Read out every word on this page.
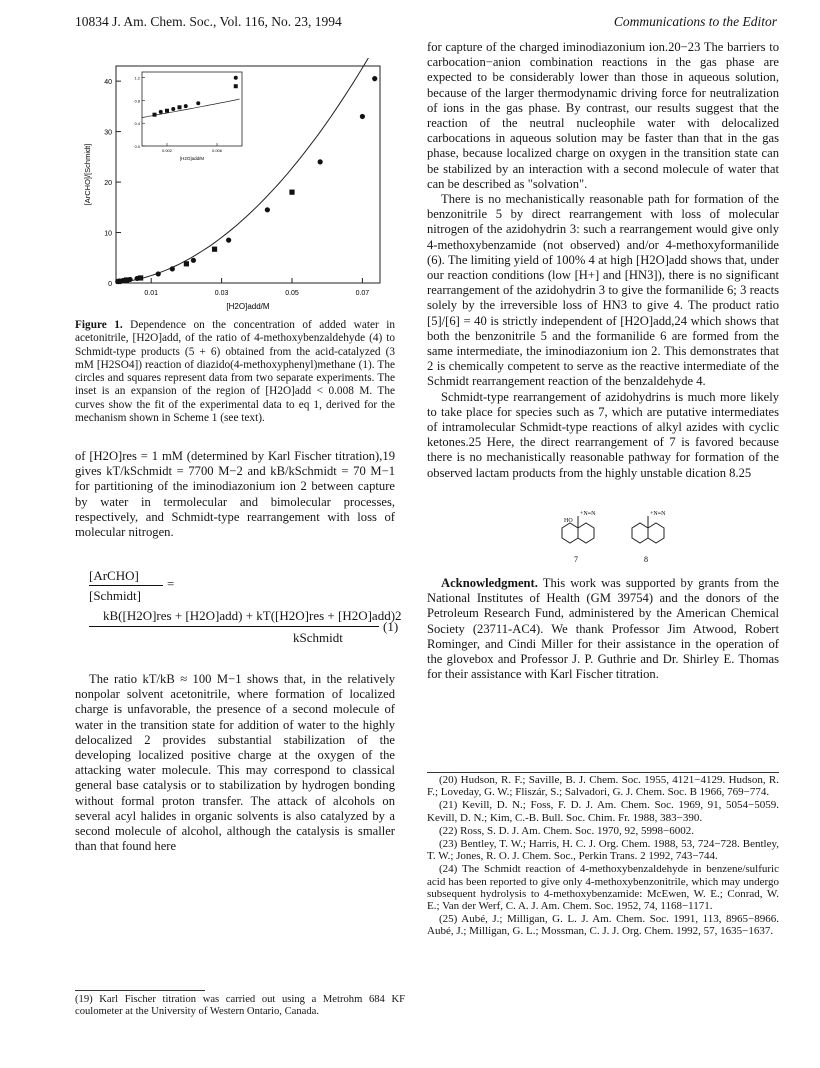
10834 J. Am. Chem. Soc., Vol. 116, No. 23, 1994	Communications to the Editor
0
10
20
30
40
0.01	0.03	0.05	0.07
[H2O]add/M
[ArCHO]/[Schmidt]
1.2
0.8
0.4
0.0
0.002	0.006
[H2O]add/M
Figure 1. Dependence on the concentration of added water in acetonitrile, [H2O]add, of the ratio of 4-methoxybenzaldehyde (4) to Schmidt-type products (5 + 6) obtained from the acid-catalyzed (3 mM [H2SO4]) reaction of diazido(4-methoxyphenyl)methane (1). The circles and squares represent data from two separate experiments. The inset is an expansion of the region of [H2O]add < 0.008 M. The curves show the fit of the experimental data to eq 1, derived for the mechanism shown in Scheme 1 (see text).

of [H2O]res = 1 mM (determined by Karl Fischer titration),19 gives kT/kSchmidt = 7700 M−2 and kB/kSchmidt = 70 M−1 for partitioning of the iminodiazonium ion 2 between capture by water in termolecular and bimolecular processes, respectively, and Schmidt-type rearrangement with loss of molecular nitrogen.

[ArCHO]
[Schmidt]
=
kB([H2O]res + [H2O]add) + kT([H2O]res + [H2O]add)2
kSchmidt
(1)

The ratio kT/kB ≈ 100 M−1 shows that, in the relatively nonpolar solvent acetonitrile, where formation of localized charge is unfavorable, the presence of a second molecule of water in the transition state for addition of water to the highly delocalized 2 provides substantial stabilization of the developing localized positive charge at the oxygen of the attacking water molecule. This may correspond to classical general base catalysis or to stabilization by hydrogen bonding without formal proton transfer. The attack of alcohols on several acyl halides in organic solvents is also catalyzed by a second molecule of alcohol, although the catalysis is smaller than that found here

(19) Karl Fischer titration was carried out using a Metrohm 684 KF coulometer at the University of Western Ontario, Canada.

for capture of the charged iminodiazonium ion.20−23 The barriers to carbocation−anion combination reactions in the gas phase are expected to be considerably lower than those in aqueous solution, because of the larger thermodynamic driving force for neutralization of ions in the gas phase. By contrast, our results suggest that the reaction of the neutral nucleophile water with delocalized carbocations in aqueous solution may be faster than that in the gas phase, because localized charge on oxygen in the transition state can be stabilized by an interaction with a second molecule of water that can be described as "solvation".

There is no mechanistically reasonable path for formation of the benzonitrile 5 by direct rearrangement with loss of molecular nitrogen of the azidohydrin 3: such a rearrangement would give only 4-methoxybenzamide (not observed) and/or 4-methoxyformanilide (6). The limiting yield of 100% 4 at high [H2O]add shows that, under our reaction conditions (low [H+] and [HN3]), there is no significant rearrangement of the azidohydrin 3 to give the formanilide 6; 3 reacts solely by the irreversible loss of HN3 to give 4. The product ratio [5]/[6] = 40 is strictly independent of [H2O]add,24 which shows that both the benzonitrile 5 and the formanilide 6 are formed from the same intermediate, the iminodiazonium ion 2. This demonstrates that 2 is chemically competent to serve as the reactive intermediate of the Schmidt rearrangement reaction of the benzaldehyde 4.

Schmidt-type rearrangement of azidohydrins is much more likely to take place for species such as 7, which are putative intermediates of intramolecular Schmidt-type reactions of alkyl azides with cyclic ketones.25 Here, the direct rearrangement of 7 is favored because there is no mechanistically reasonable pathway for formation of the observed lactam products from the highly unstable dication 8.25

HO
+N≡N	+N≡N
7	8

Acknowledgment. This work was supported by grants from the National Institutes of Health (GM 39754) and the donors of the Petroleum Research Fund, administered by the American Chemical Society (23711-AC4). We thank Professor Jim Atwood, Robert Rominger, and Cindi Miller for their assistance in the operation of the glovebox and Professor J. P. Guthrie and Dr. Shirley E. Thomas for their assistance with Karl Fischer titration.

(20) Hudson, R. F.; Saville, B. J. Chem. Soc. 1955, 4121−4129. Hudson, R. F.; Loveday, G. W.; Fliszár, S.; Salvadori, G. J. Chem. Soc. B 1966, 769−774.

(21) Kevill, D. N.; Foss, F. D. J. Am. Chem. Soc. 1969, 91, 5054−5059. Kevill, D. N.; Kim, C.-B. Bull. Soc. Chim. Fr. 1988, 383−390.

(22) Ross, S. D. J. Am. Chem. Soc. 1970, 92, 5998−6002.

(23) Bentley, T. W.; Harris, H. C. J. Org. Chem. 1988, 53, 724−728. Bentley, T. W.; Jones, R. O. J. Chem. Soc., Perkin Trans. 2 1992, 743−744.

(24) The Schmidt reaction of 4-methoxybenzaldehyde in benzene/sulfuric acid has been reported to give only 4-methoxybenzonitrile, which may undergo subsequent hydrolysis to 4-methoxybenzamide: McEwen, W. E.; Conrad, W. E.; Van der Werf, C. A. J. Am. Chem. Soc. 1952, 74, 1168−1171.

(25) Aubé, J.; Milligan, G. L. J. Am. Chem. Soc. 1991, 113, 8965−8966. Aubé, J.; Milligan, G. L.; Mossman, C. J. J. Org. Chem. 1992, 57, 1635−1637.
